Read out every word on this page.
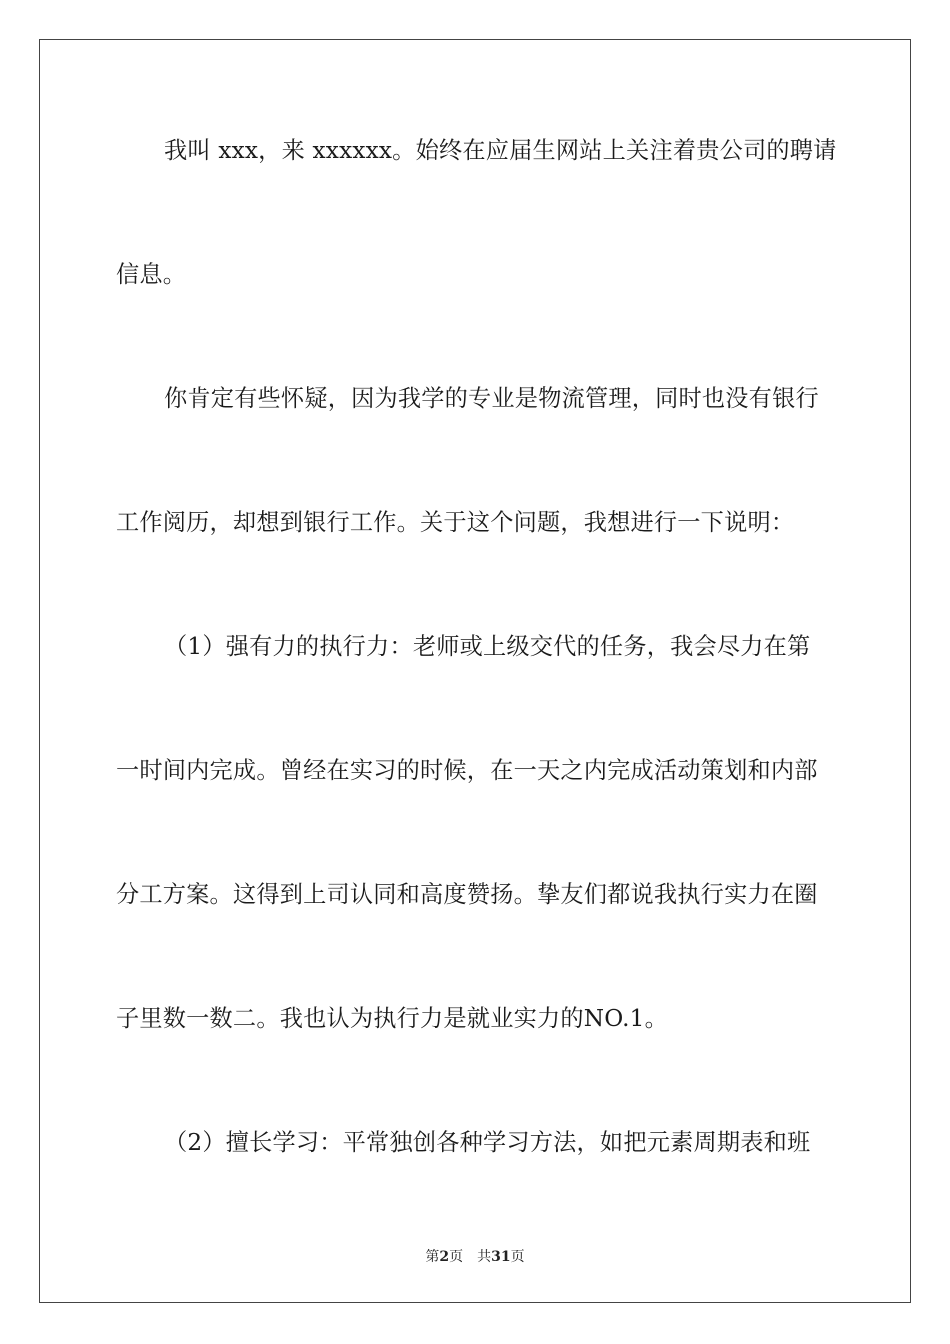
我叫 xxx，来 xxxxxx。始终在应届生网站上关注着贵公司的聘请
信息。
你肯定有些怀疑，因为我学的专业是物流管理，同时也没有银行
工作阅历，却想到银行工作。关于这个问题，我想进行一下说明：
（1）强有力的执行力：老师或上级交代的任务，我会尽力在第
一时间内完成。曾经在实习的时候，在一天之内完成活动策划和内部
分工方案。这得到上司认同和高度赞扬。挚友们都说我执行实力在圈
子里数一数二。我也认为执行力是就业实力的NO.1。
（2）擅长学习：平常独创各种学习方法，如把元素周期表和班
第2页 共31页
